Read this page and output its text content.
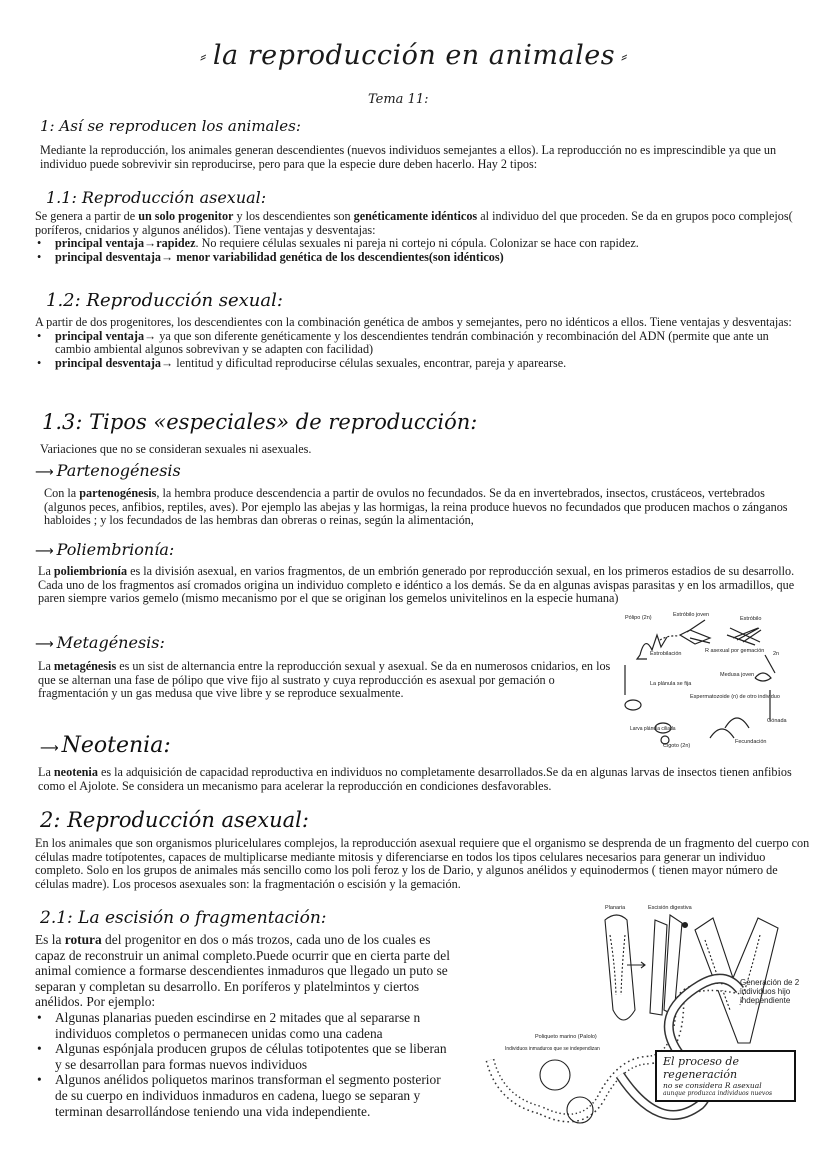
⸗ la reproducción en animales ⸗
Tema 11:
1: Así se reproducen los animales:

Mediante la reproducción, los animales generan descendientes (nuevos individuos semejantes a ellos). La reproducción no es imprescindible ya que un individuo puede sobrevivir sin reproducirse, pero para que la especie dure deben hacerlo. Hay 2 tipos:

1.1: Reproducción asexual:

Se genera a partir de un solo progenitor y los descendientes son genéticamente idénticos al individuo del que proceden. Se da en grupos poco complejos( poríferos, cnidarios y algunos anélidos). Tiene ventajas y desventajas:

• principal ventaja→rapidez. No requiere células sexuales ni pareja ni cortejo ni cópula. Colonizar se hace con rapidez.
• principal desventaja→ menor variabilidad genética de los descendientes(son idénticos)
1.2: Reproducción sexual:

A partir de dos progenitores, los descendientes con la combinación genética de ambos y semejantes, pero no idénticos a ellos. Tiene ventajas y desventajas:

• principal ventaja→ ya que son diferente genéticamente y los descendientes tendrán combinación y recombinación del ADN (permite que ante un cambio ambiental algunos sobrevivan y se adapten con facilidad)
• principal desventaja→ lentitud y dificultad reproducirse células sexuales, encontrar, pareja y aparearse.
1.3: Tipos «especiales» de reproducción:

Variaciones que no se consideran sexuales ni asexuales.

⟶ Partenogénesis

Con la partenogénesis, la hembra produce descendencia a partir de ovulos no fecundados. Se da en invertebrados, insectos, crustáceos, vertebrados (algunos peces, anfibios, reptiles, aves). Por ejemplo las abejas y las hormigas, la reina produce huevos no fecundados que producen machos o zánganos habloides ; y los fecundados de las hembras dan obreras o reinas, según la alimentación,

⟶ Poliembrionía:

La poliembrionía es la división asexual, en varios fragmentos, de un embrión generado por reproducción sexual, en los primeros estadios de su desarrollo. Cada uno de los fragmentos así cromados origina un individuo completo e idéntico a los demás. Se da en algunas avispas parasitas y en los armadillos, que paren siempre varios gemelo (mismo mecanismo por el que se originan los gemelos univitelinos en la especie humana)

⟶ Metagénesis:

La metagénesis es un sist de alternancia entre la reproducción sexual y asexual. Se da en numerosos cnidarios, en los que se alternan una fase de pólipo que vive fijo al sustrato y cuya reproducción es asexual por gemación o fragmentación y un gas medusa que vive libre y se reproduce sexualmente.

⟶ Neotenia:

La neotenia es la adquisición de capacidad reproductiva en individuos no completamente desarrollados.Se da en algunas larvas de insectos tienen anfibios como el Ajolote. Se considera un mecanismo para acelerar la reproducción en condiciones desfavorables.

2: Reproducción asexual:

En los animales que son organismos pluricelulares complejos, la reproducción asexual requiere que el organismo se desprenda de un fragmento del cuerpo con células madre totípotentes, capaces de multiplicarse mediante mitosis y diferenciarse en todos los tipos celulares necesarios para generar un individuo completo. Solo en los grupos de animales más sencillo como los poli feroz y los de Dario, y algunos anélidos y equinodermos ( tienen mayor número de células madre). Los procesos asexuales son: la fragmentación o escisión y la gemación.

2.1: La escisión o fragmentación:

Es la rotura del progenitor en dos o más trozos, cada uno de los cuales es capaz de reconstruir un animal completo.Puede ocurrir que en cierta parte del animal comience a formarse descendientes inmaduros que llegado un puto se separan y completan su desarrollo. En poríferos y platelmintos y ciertos anélidos. Por ejemplo:

• Algunas planarias pueden escindirse en 2 mitades que al separarse n individuos completos o permanecen unidas como una cadena
• Algunas espónjala producen grupos de células totipotentes que se liberan y se desarrollan para formas nuevos individuos
• Algunos anélidos poliquetos marinos transforman el segmento posterior de su cuerpo en individuos inmaduros en cadena, luego se separan y terminan desarrollándose teniendo una vida independiente.
Pólipo (2n)	Estróbilo joven
Estróbilo
Estrobilación	R asexual por gemación 2n
Medusa joven
La plánula se fija
Espermatozoide (n) de otro individuo
Gónada
Larva plánula ciliada
Cigoto (2n)
Fecundación
Planaria	Escisión digestiva
Poliqueto marino (Palolo)
Individuos inmaduros que se independizan
Generación de 2 individuos hijo independiente
El proceso de regeneración
no se considera R asexual
aunque produzca individuos nuevos
